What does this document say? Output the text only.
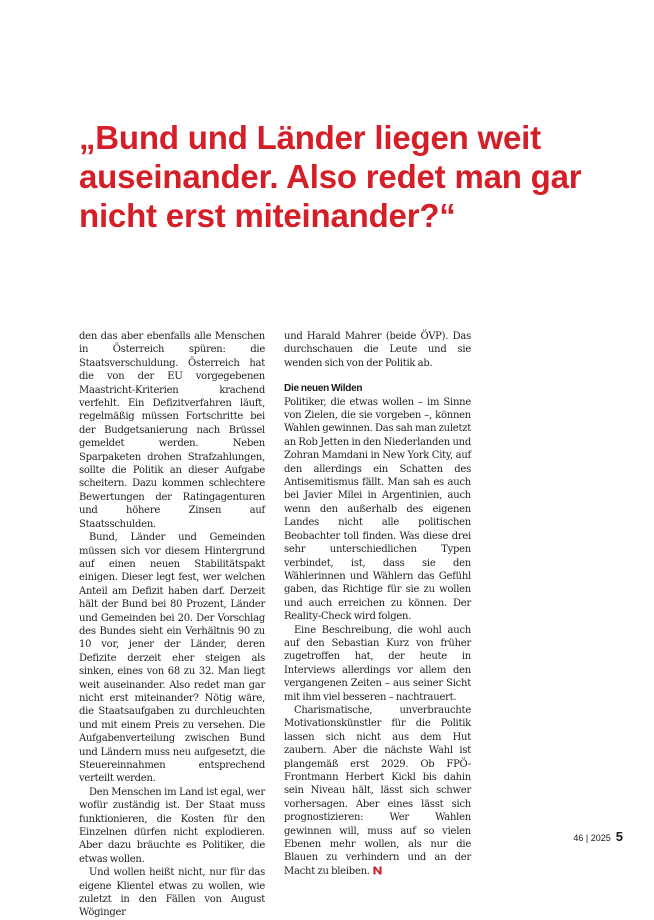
„Bund und Länder liegen weit auseinander. Also redet man gar nicht erst miteinander?“

den das aber ebenfalls alle Menschen in Österreich spüren: die Staatsverschuldung. Österreich hat die von der EU vorgegebenen Maastricht-Kriterien krachend verfehlt. Ein Defizitverfahren läuft, regelmäßig müssen Fortschritte bei der Budgetsanierung nach Brüssel gemeldet werden. Neben Sparpaketen drohen Strafzahlungen, sollte die Politik an dieser Aufgabe scheitern. Dazu kommen schlechtere Bewertungen der Ratingagenturen und höhere Zinsen auf Staatsschulden.

Bund, Länder und Gemeinden müssen sich vor diesem Hintergrund auf einen neuen Stabilitätspakt einigen. Dieser legt fest, wer welchen Anteil am Defizit haben darf. Derzeit hält der Bund bei 80 Prozent, Länder und Gemeinden bei 20. Der Vorschlag des Bundes sieht ein Verhältnis 90 zu 10 vor, jener der Länder, deren Defizite derzeit eher steigen als sinken, eines von 68 zu 32. Man liegt weit auseinander. Also redet man gar nicht erst miteinander? Nötig wäre, die Staatsaufgaben zu durchleuchten und mit einem Preis zu versehen. Die Aufgabenverteilung zwischen Bund und Ländern muss neu aufgesetzt, die Steuereinnahmen entsprechend verteilt werden.

Den Menschen im Land ist egal, wer wofür zuständig ist. Der Staat muss funktionieren, die Kosten für den Einzelnen dürfen nicht explodieren. Aber dazu bräuchte es Politiker, die etwas wollen.

Und wollen heißt nicht, nur für das eigene Klientel etwas zu wollen, wie zuletzt in den Fällen von August Wöginger

und Harald Mahrer (beide ÖVP). Das durchschauen die Leute und sie wenden sich von der Politik ab.

Die neuen Wilden

Politiker, die etwas wollen – im Sinne von Zielen, die sie vorgeben –, können Wahlen gewinnen. Das sah man zuletzt an Rob Jetten in den Niederlanden und Zohran Mamdani in New York City, auf den allerdings ein Schatten des Antisemitismus fällt. Man sah es auch bei Javier Milei in Argentinien, auch wenn den außerhalb des eigenen Landes nicht alle politischen Beobachter toll finden. Was diese drei sehr unterschiedlichen Typen verbindet, ist, dass sie den Wählerinnen und Wählern das Gefühl gaben, das Richtige für sie zu wollen und auch erreichen zu können. Der Reality-Check wird folgen.

Eine Beschreibung, die wohl auch auf den Sebastian Kurz von früher zugetroffen hat, der heute in Interviews allerdings vor allem den vergangenen Zeiten – aus seiner Sicht mit ihm viel besseren – nachtrauert.

Charismatische, unverbrauchte Motivationskünstler für die Politik lassen sich nicht aus dem Hut zaubern. Aber die nächste Wahl ist plangemäß erst 2029. Ob FPÖ-Frontmann Herbert Kickl bis dahin sein Niveau hält, lässt sich schwer vorhersagen. Aber eines lässt sich prognostizieren: Wer Wahlen gewinnen will, muss auf so vielen Ebenen mehr wollen, als nur die Blauen zu verhindern und an der Macht zu bleiben.

46 | 2025 5
